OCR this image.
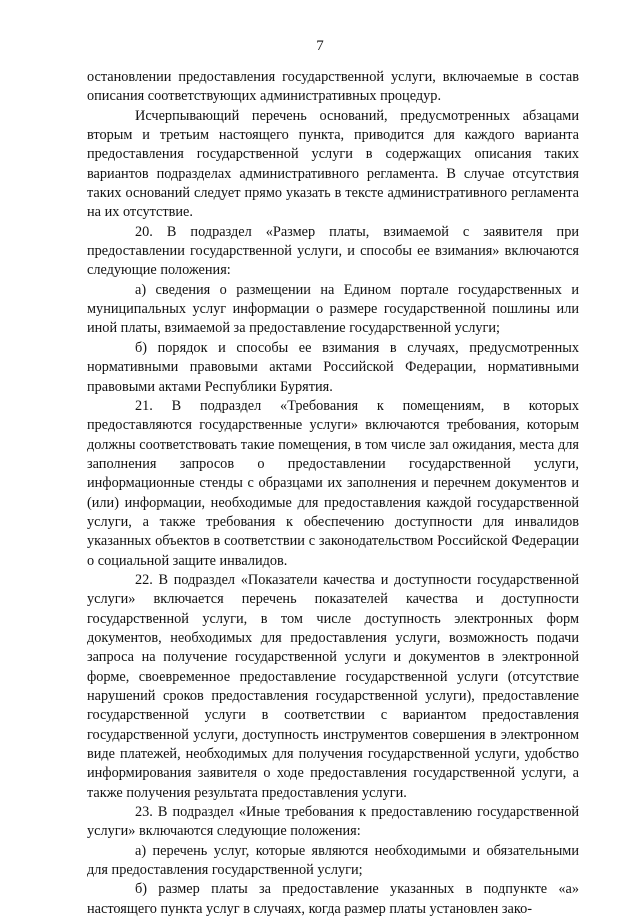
7

остановлении предоставления государственной услуги, включаемые в состав описания соответствующих административных процедур.

Исчерпывающий перечень оснований, предусмотренных абзацами вторым и третьим настоящего пункта, приводится для каждого варианта предоставления государственной услуги в содержащих описания таких вариантов подразделах административного регламента. В случае отсутствия таких оснований следует прямо указать в тексте административного регламента на их отсутствие.

20. В подраздел «Размер платы, взимаемой с заявителя при предоставлении государственной услуги, и способы ее взимания» включаются следующие положения:

а) сведения о размещении на Едином портале государственных и муниципальных услуг информации о размере государственной пошлины или иной платы, взимаемой за предоставление государственной услуги;

б) порядок и способы ее взимания в случаях, предусмотренных нормативными правовыми актами Российской Федерации, нормативными правовыми актами Республики Бурятия.

21. В подраздел «Требования к помещениям, в которых предоставляются государственные услуги» включаются требования, которым должны соответствовать такие помещения, в том числе зал ожидания, места для заполнения запросов о предоставлении государственной услуги, информационные стенды с образцами их заполнения и перечнем документов и (или) информации, необходимые для предоставления каждой государственной услуги, а также требования к обеспечению доступности для инвалидов указанных объектов в соответствии с законодательством Российской Федерации о социальной защите инвалидов.

22. В подраздел «Показатели качества и доступности государственной услуги» включается перечень показателей качества и доступности государственной услуги, в том числе доступность электронных форм документов, необходимых для предоставления услуги, возможность подачи запроса на получение государственной услуги и документов в электронной форме, своевременное предоставление государственной услуги (отсутствие нарушений сроков предоставления государственной услуги), предоставление государственной услуги в соответствии с вариантом предоставления государственной услуги, доступность инструментов совершения в электронном виде платежей, необходимых для получения государственной услуги, удобство информирования заявителя о ходе предоставления государственной услуги, а также получения результата предоставления услуги.

23. В подраздел «Иные требования к предоставлению государственной услуги» включаются следующие положения:

а) перечень услуг, которые являются необходимыми и обязательными для предоставления государственной услуги;

б) размер платы за предоставление указанных в подпункте «а» настоящего пункта услуг в случаях, когда размер платы установлен зако-
